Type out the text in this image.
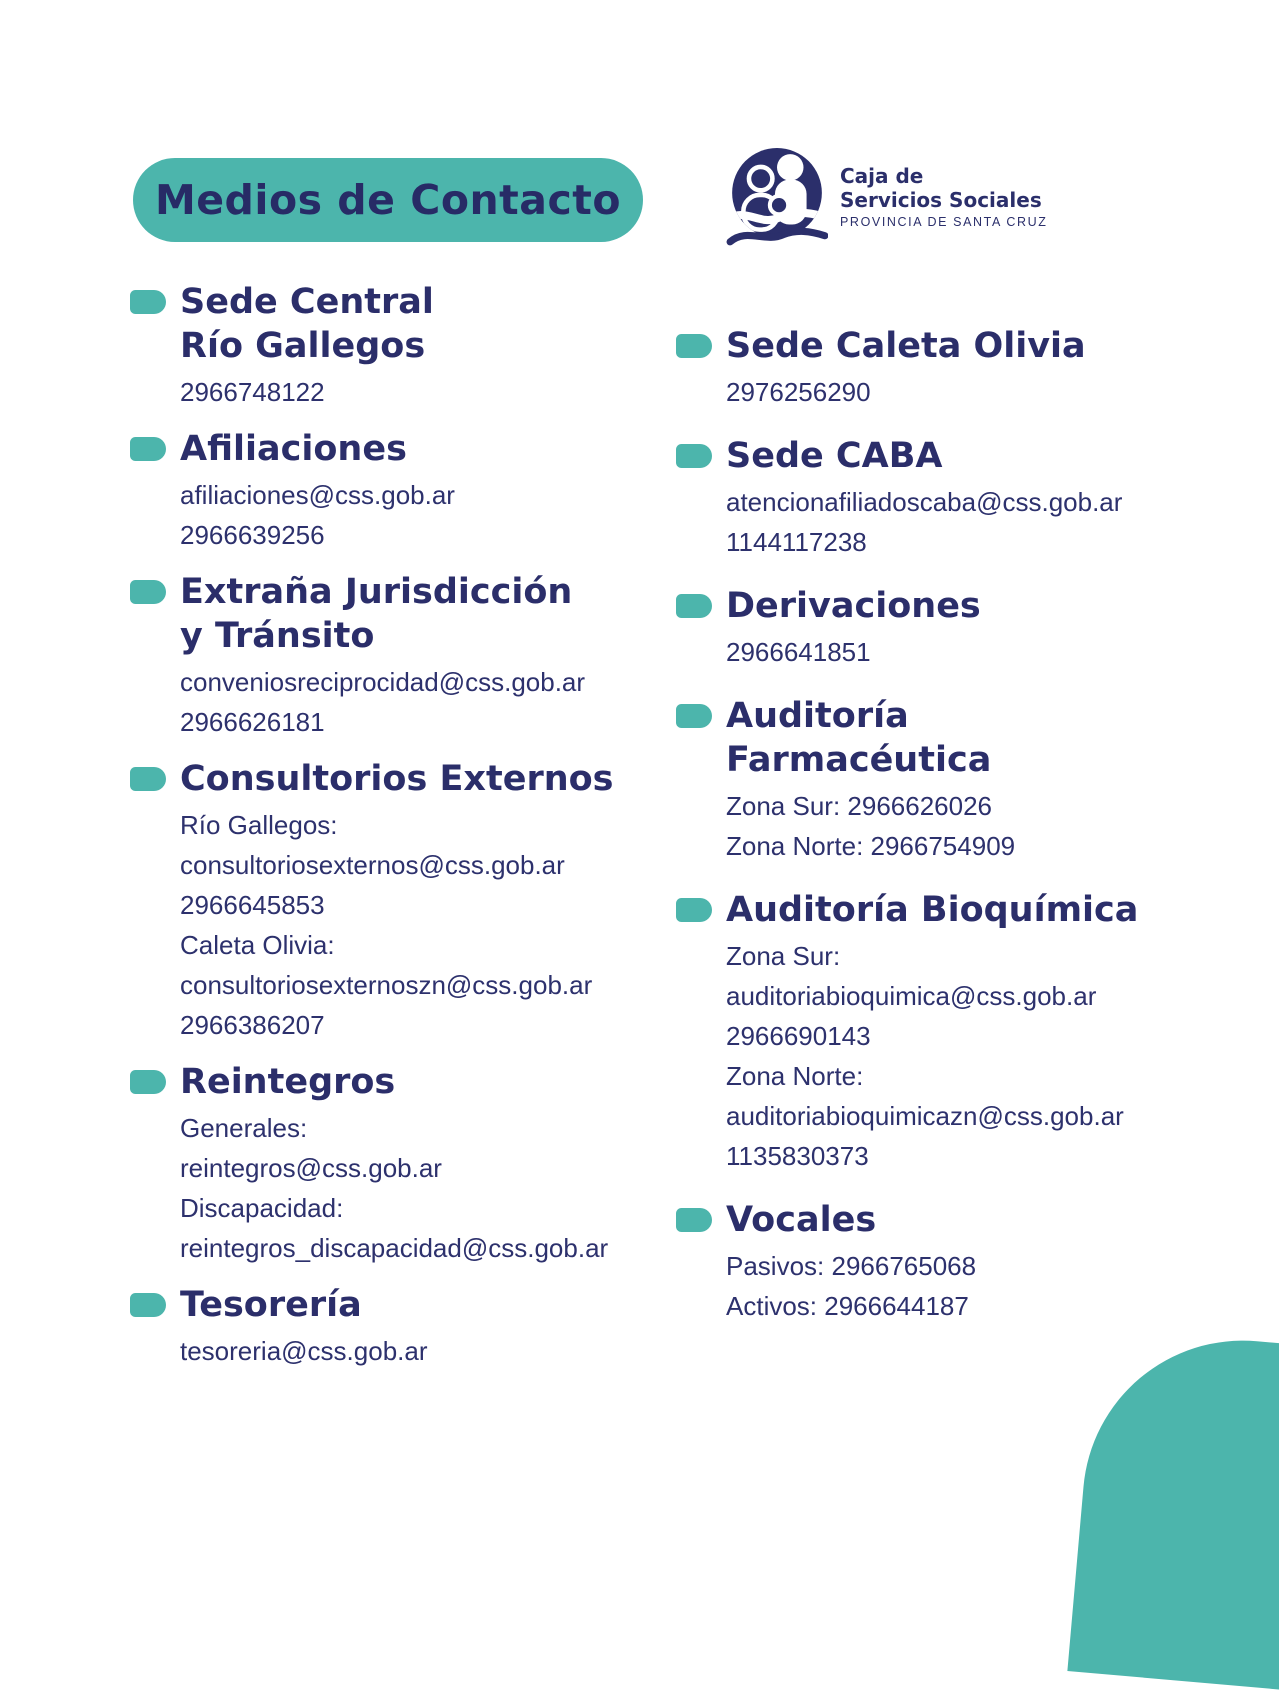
Medios de Contacto	Caja de
Servicios Sociales
PROVINCIA DE SANTA CRUZ
Sede Central
Río Gallegos
2966748122
Afiliaciones
afiliaciones@css.gob.ar
2966639256
Extraña Jurisdicción
y Tránsito
conveniosreciprocidad@css.gob.ar
2966626181
Consultorios Externos
Río Gallegos:
consultoriosexternos@css.gob.ar
2966645853
Caleta Olivia:
consultoriosexternoszn@css.gob.ar
2966386207
Reintegros
Generales:
reintegros@css.gob.ar
Discapacidad:
reintegros_discapacidad@css.gob.ar
Tesorería
tesoreria@css.gob.ar
Sede Caleta Olivia
2976256290
Sede CABA
atencionafiliadoscaba@css.gob.ar
1144117238
Derivaciones
2966641851
Auditoría
Farmacéutica
Zona Sur: 2966626026
Zona Norte: 2966754909
Auditoría Bioquímica
Zona Sur:
auditoriabioquimica@css.gob.ar
2966690143
Zona Norte:
auditoriabioquimicazn@css.gob.ar
1135830373
Vocales
Pasivos: 2966765068
Activos: 2966644187
